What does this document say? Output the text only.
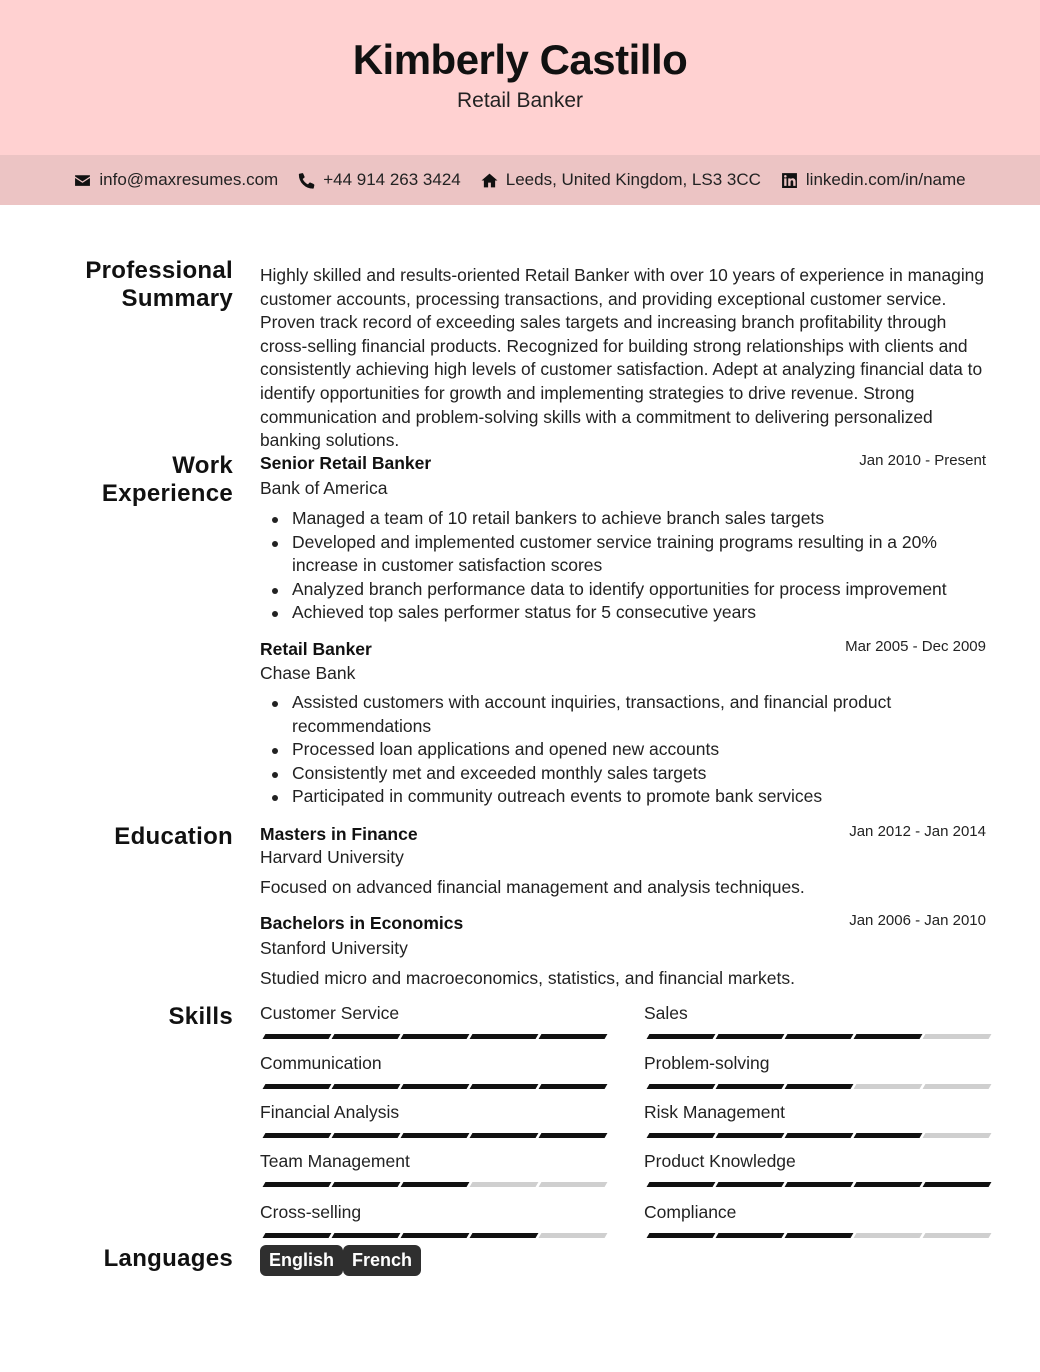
Kimberly Castillo
Retail Banker
info@maxresumes.com	+44 914 263 3424	Leeds, United Kingdom, LS3 3CC	linkedin.com/in/name
Professional
Summary
Highly skilled and results-oriented Retail Banker with over 10 years of experience in managing customer accounts, processing transactions, and providing exceptional customer service. Proven track record of exceeding sales targets and increasing branch profitability through cross-selling financial products. Recognized for building strong relationships with clients and consistently achieving high levels of customer satisfaction. Adept at analyzing financial data to identify opportunities for growth and implementing strategies to drive revenue. Strong communication and problem-solving skills with a commitment to delivering personalized banking solutions.
Work
Experience
Senior Retail Banker	Jan 2010 - Present
Bank of America
Managed a team of 10 retail bankers to achieve branch sales targets
Developed and implemented customer service training programs resulting in a 20% increase in customer satisfaction scores
Analyzed branch performance data to identify opportunities for process improvement
Achieved top sales performer status for 5 consecutive years
Retail Banker	Mar 2005 - Dec 2009
Chase Bank
Assisted customers with account inquiries, transactions, and financial product recommendations
Processed loan applications and opened new accounts
Consistently met and exceeded monthly sales targets
Participated in community outreach events to promote bank services
Education Masters in Finance	Jan 2012 - Jan 2014
Harvard University
Focused on advanced financial management and analysis techniques.
Bachelors in Economics	Jan 2006 - Jan 2010
Stanford University
Studied micro and macroeconomics, statistics, and financial markets.
Skills Customer Service	Sales
Communication	Problem-solving
Financial Analysis	Risk Management
Team Management	Product Knowledge
Cross-selling	Compliance
Languages	English French
